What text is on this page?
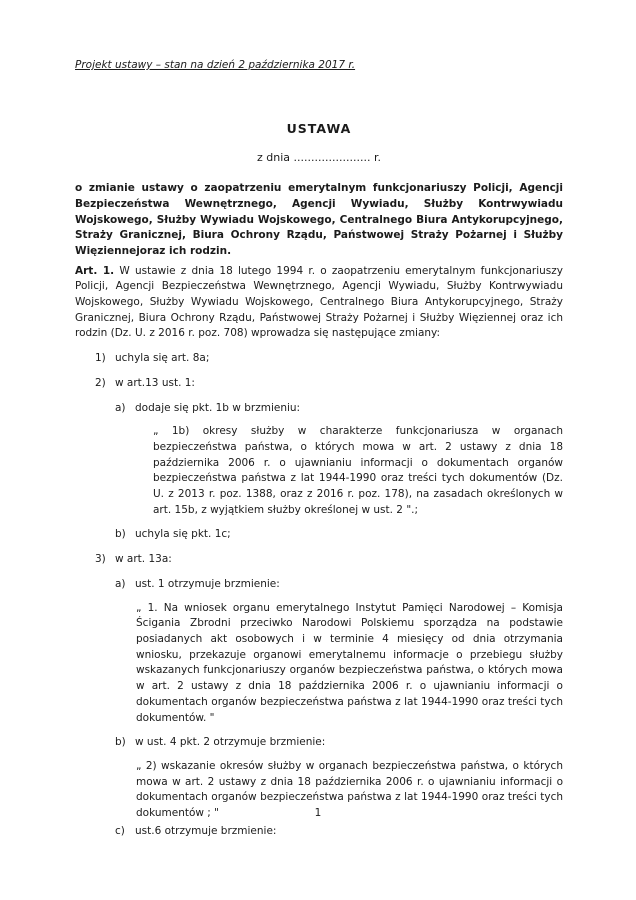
Projekt ustawy – stan na dzień 2 października 2017 r.
USTAWA
z dnia ...................... r.
o zmianie ustawy o zaopatrzeniu emerytalnym funkcjonariuszy Policji, Agencji Bezpieczeństwa Wewnętrznego, Agencji Wywiadu, Służby Kontrwywiadu Wojskowego, Służby Wywiadu Wojskowego, Centralnego Biura Antykorupcyjnego, Straży Granicznej, Biura Ochrony Rządu, Państwowej Straży Pożarnej i Służby Więziennejoraz ich rodzin.
Art. 1. W ustawie z dnia 18 lutego 1994 r. o zaopatrzeniu emerytalnym funkcjonariuszy Policji, Agencji Bezpieczeństwa Wewnętrznego, Agencji Wywiadu, Służby Kontrwywiadu Wojskowego, Służby Wywiadu Wojskowego, Centralnego Biura Antykorupcyjnego, Straży Granicznej, Biura Ochrony Rządu, Państwowej Straży Pożarnej i Służby Więziennej oraz ich rodzin (Dz. U. z 2016 r. poz. 708) wprowadza się następujące zmiany:
1) uchyla się art. 8a;
2) w art.13 ust. 1:
a) dodaje się pkt. 1b w brzmieniu:
„ 1b) okresy służby w charakterze funkcjonariusza w organach bezpieczeństwa państwa, o których mowa w art. 2 ustawy z dnia 18 października 2006 r. o ujawnianiu informacji o dokumentach organów bezpieczeństwa państwa z lat 1944-1990 oraz treści tych dokumentów (Dz. U. z 2013 r. poz. 1388, oraz z 2016 r. poz. 178), na zasadach określonych w art. 15b, z wyjątkiem służby określonej w ust. 2 ".;
b) uchyla się pkt. 1c;
3) w art. 13a:
a) ust. 1 otrzymuje brzmienie:
„ 1. Na wniosek organu emerytalnego Instytut Pamięci Narodowej – Komisja Ścigania Zbrodni przeciwko Narodowi Polskiemu sporządza na podstawie posiadanych akt osobowych i w terminie 4 miesięcy od dnia otrzymania wniosku, przekazuje organowi emerytalnemu informacje o przebiegu służby wskazanych funkcjonariuszy organów bezpieczeństwa państwa, o których mowa w art. 2 ustawy z dnia 18 października 2006 r. o ujawnianiu informacji o dokumentach organów bezpieczeństwa państwa z lat 1944-1990 oraz treści tych dokumentów. "
b) w ust. 4 pkt. 2 otrzymuje brzmienie:
„ 2) wskazanie okresów służby w organach bezpieczeństwa państwa, o których mowa w art. 2 ustawy z dnia 18 października 2006 r. o ujawnianiu informacji o dokumentach organów bezpieczeństwa państwa z lat 1944-1990 oraz treści tych dokumentów ; "
c) ust.6 otrzymuje brzmienie:
1
